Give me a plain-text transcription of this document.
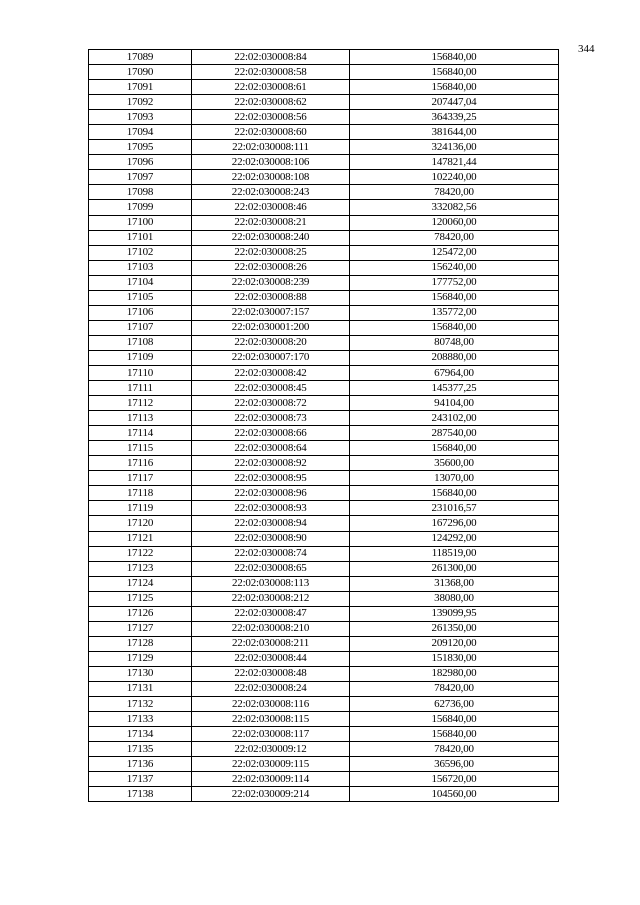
344
17089	22:02:030008:84	156840,00
17090	22:02:030008:58	156840,00
17091	22:02:030008:61	156840,00
17092	22:02:030008:62	207447,04
17093	22:02:030008:56	364339,25
17094	22:02:030008:60	381644,00
17095	22:02:030008:111	324136,00
17096	22:02:030008:106	147821,44
17097	22:02:030008:108	102240,00
17098	22:02:030008:243	78420,00
17099	22:02:030008:46	332082,56
17100	22:02:030008:21	120060,00
17101	22:02:030008:240	78420,00
17102	22:02:030008:25	125472,00
17103	22:02:030008:26	156240,00
17104	22:02:030008:239	177752,00
17105	22:02:030008:88	156840,00
17106	22:02:030007:157	135772,00
17107	22:02:030001:200	156840,00
17108	22:02:030008:20	80748,00
17109	22:02:030007:170	208880,00
17110	22:02:030008:42	67964,00
17111	22:02:030008:45	145377,25
17112	22:02:030008:72	94104,00
17113	22:02:030008:73	243102,00
17114	22:02:030008:66	287540,00
17115	22:02:030008:64	156840,00
17116	22:02:030008:92	35600,00
17117	22:02:030008:95	13070,00
17118	22:02:030008:96	156840,00
17119	22:02:030008:93	231016,57
17120	22:02:030008:94	167296,00
17121	22:02:030008:90	124292,00
17122	22:02:030008:74	118519,00
17123	22:02:030008:65	261300,00
17124	22:02:030008:113	31368,00
17125	22:02:030008:212	38080,00
17126	22:02:030008:47	139099,95
17127	22:02:030008:210	261350,00
17128	22:02:030008:211	209120,00
17129	22:02:030008:44	151830,00
17130	22:02:030008:48	182980,00
17131	22:02:030008:24	78420,00
17132	22:02:030008:116	62736,00
17133	22:02:030008:115	156840,00
17134	22:02:030008:117	156840,00
17135	22:02:030009:12	78420,00
17136	22:02:030009:115	36596,00
17137	22:02:030009:114	156720,00
17138	22:02:030009:214	104560,00
